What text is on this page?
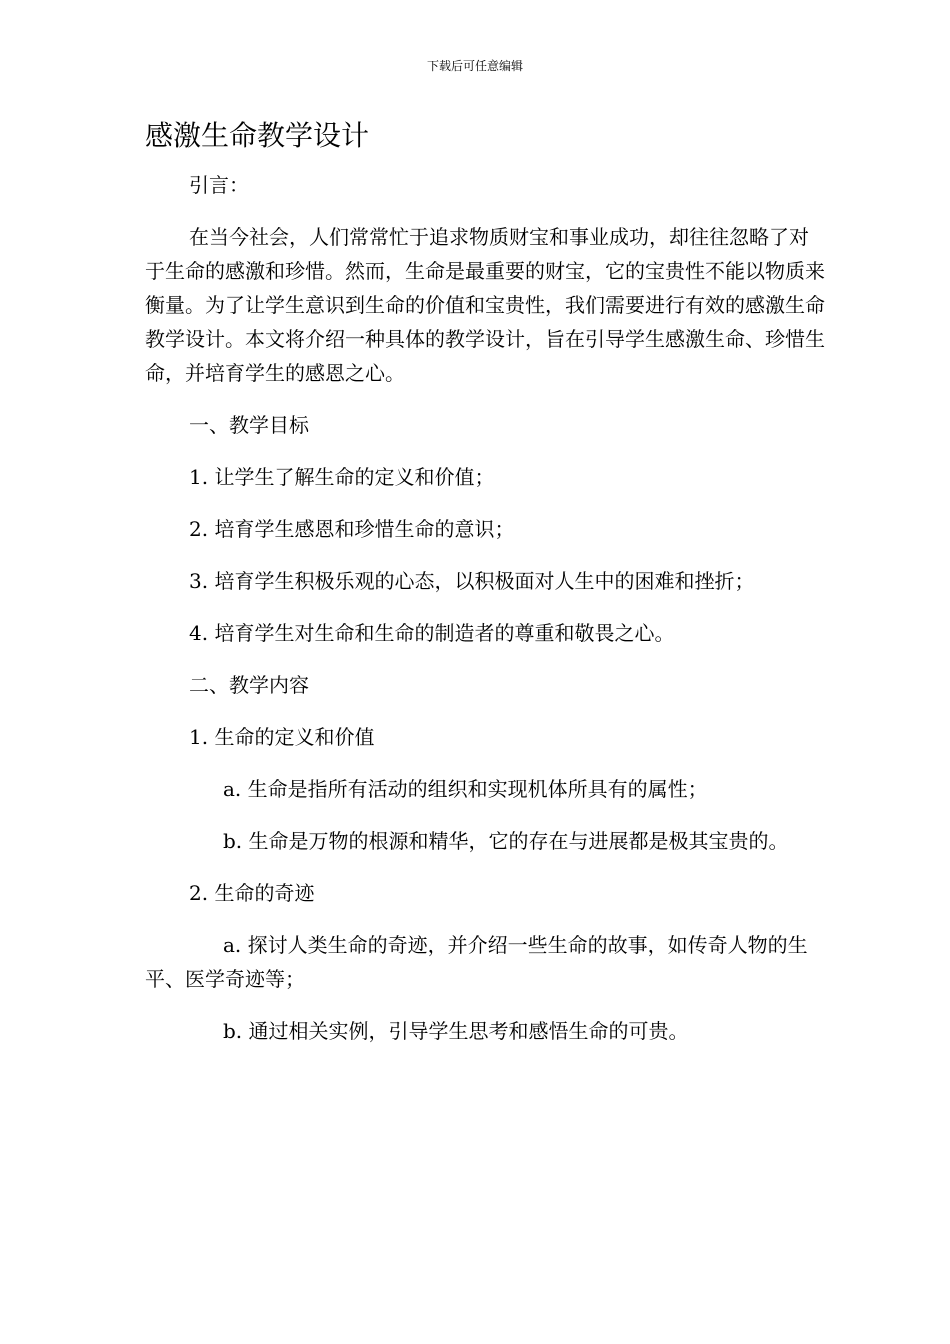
下载后可任意编辑
感激生命教学设计

引言：

在当今社会，人们常常忙于追求物质财宝和事业成功，却往往忽略了对于生命的感激和珍惜。然而，生命是最重要的财宝，它的宝贵性不能以物质来衡量。为了让学生意识到生命的价值和宝贵性，我们需要进行有效的感激生命教学设计。本文将介绍一种具体的教学设计，旨在引导学生感激生命、珍惜生命，并培育学生的感恩之心。

一、教学目标

1. 让学生了解生命的定义和价值；

2. 培育学生感恩和珍惜生命的意识；

3. 培育学生积极乐观的心态，以积极面对人生中的困难和挫折；

4. 培育学生对生命和生命的制造者的尊重和敬畏之心。

二、教学内容

1. 生命的定义和价值

a. 生命是指所有活动的组织和实现机体所具有的属性；

b. 生命是万物的根源和精华，它的存在与进展都是极其宝贵的。

2. 生命的奇迹

a. 探讨人类生命的奇迹，并介绍一些生命的故事，如传奇人物的生平、医学奇迹等；

b. 通过相关实例，引导学生思考和感悟生命的可贵。
